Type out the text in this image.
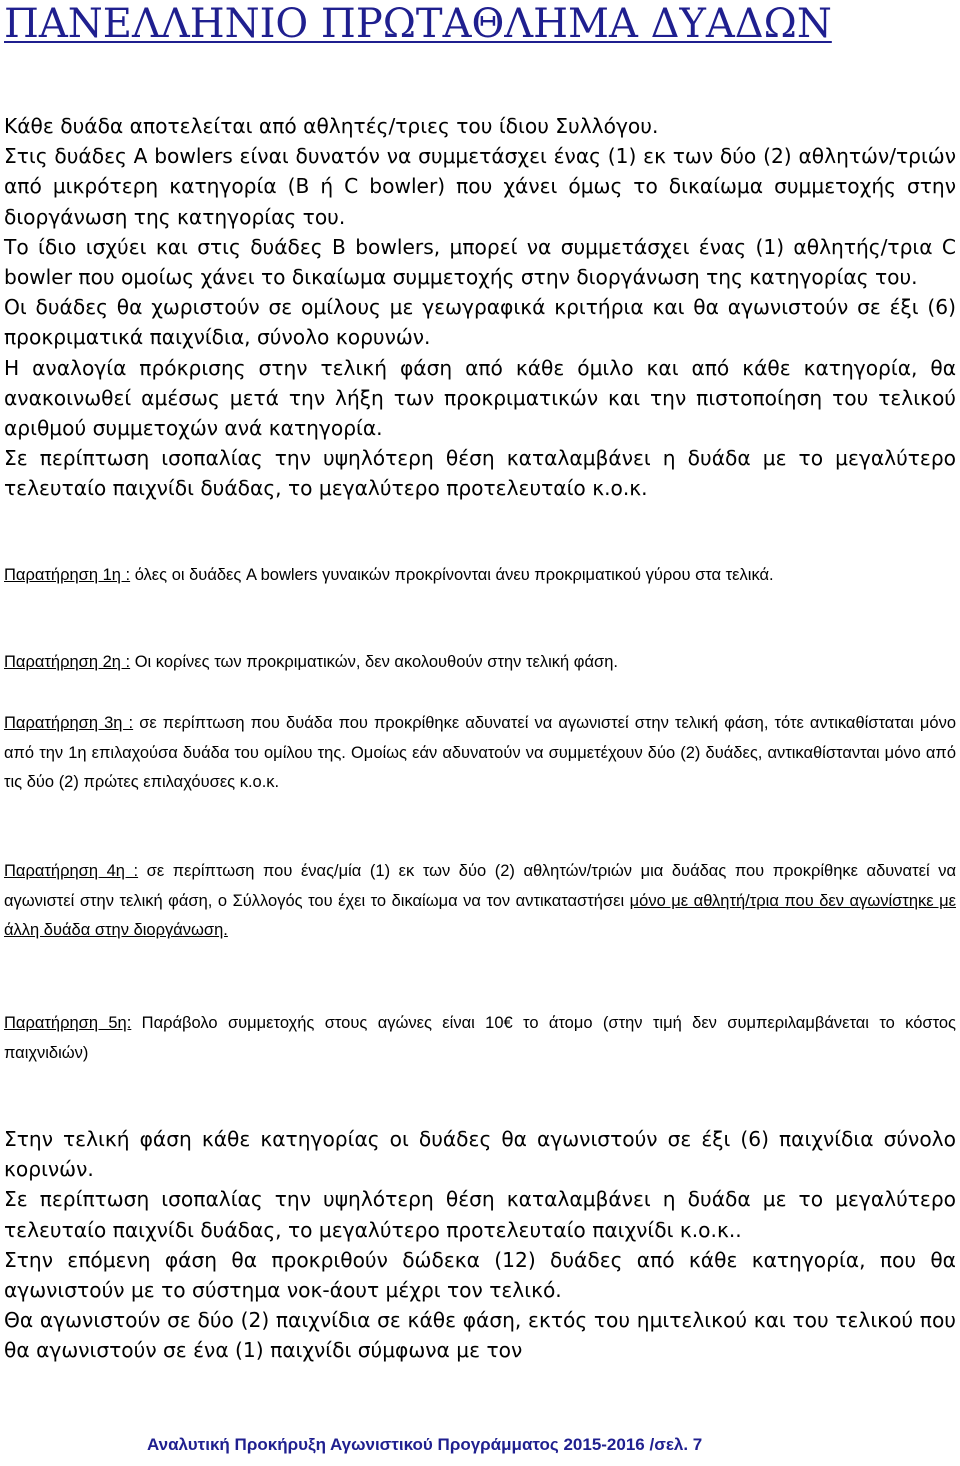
ΠΑΝΕΛΛΗΝΙΟ ΠΡΩΤΑΘΛΗΜΑ ΔΥΑΔΩΝ

Κάθε δυάδα αποτελείται από αθλητές/τριες του ίδιου Συλλόγου.

Στις δυάδες A bowlers είναι δυνατόν να συμμετάσχει ένας (1) εκ των δύο (2) αθλητών/τριών από μικρότερη κατηγορία (B ή C bowler) που χάνει όμως το δικαίωμα συμμετοχής στην διοργάνωση της κατηγορίας του.

Το ίδιο ισχύει και στις δυάδες B bowlers, μπορεί να συμμετάσχει ένας (1) αθλητής/τρια C bowler που ομοίως χάνει το δικαίωμα συμμετοχής στην διοργάνωση της κατηγορίας του.

Οι δυάδες θα χωριστούν σε ομίλους με γεωγραφικά κριτήρια και θα αγωνιστούν σε έξι (6) προκριματικά παιχνίδια, σύνολο κορυνών.

Η αναλογία πρόκρισης στην τελική φάση από κάθε όμιλο και από κάθε κατηγορία, θα ανακοινωθεί αμέσως μετά την λήξη των προκριματικών και την πιστοποίηση του τελικού αριθμού συμμετοχών ανά κατηγορία.

Σε περίπτωση ισοπαλίας την υψηλότερη θέση καταλαμβάνει η δυάδα με το μεγαλύτερο τελευταίο παιχνίδι δυάδας, το μεγαλύτερο προτελευταίο κ.ο.κ.

Παρατήρηση 1η : όλες οι δυάδες A bowlers γυναικών προκρίνονται άνευ προκριματικού γύρου στα τελικά.

Παρατήρηση 2η : Οι κορίνες των προκριματικών, δεν ακολουθούν στην τελική φάση.

Παρατήρηση 3η : σε περίπτωση που δυάδα που προκρίθηκε αδυνατεί να αγωνιστεί στην τελική φάση, τότε αντικαθίσταται μόνο από την 1η επιλαχούσα δυάδα του ομίλου της. Ομοίως εάν αδυνατούν να συμμετέχουν δύο (2) δυάδες, αντικαθίστανται μόνο από τις δύο (2) πρώτες επιλαχόυσες κ.ο.κ.

Παρατήρηση 4η : σε περίπτωση που ένας/μία (1) εκ των δύο (2) αθλητών/τριών μια δυάδας που προκρίθηκε αδυνατεί να αγωνιστεί στην τελική φάση, ο Σύλλογός του έχει το δικαίωμα να τον αντικαταστήσει μόνο με αθλητή/τρια που δεν αγωνίστηκε με άλλη δυάδα στην διοργάνωση.

Παρατήρηση 5η: Παράβολο συμμετοχής στους αγώνες είναι 10€ το άτομο (στην τιμή δεν συμπεριλαμβάνεται το κόστος παιχνιδιών)

Στην τελική φάση κάθε κατηγορίας οι δυάδες θα αγωνιστούν σε έξι (6) παιχνίδια σύνολο κορινών.

Σε περίπτωση ισοπαλίας την υψηλότερη θέση καταλαμβάνει η δυάδα με το μεγαλύτερο τελευταίο παιχνίδι δυάδας, το μεγαλύτερο προτελευταίο παιχνίδι κ.ο.κ..

Στην επόμενη φάση θα προκριθούν δώδεκα (12) δυάδες από κάθε κατηγορία, που θα αγωνιστούν με το σύστημα νοκ-άουτ μέχρι τον τελικό.

Θα αγωνιστούν σε δύο (2) παιχνίδια σε κάθε φάση, εκτός του ημιτελικού και του τελικού που θα αγωνιστούν σε ένα (1) παιχνίδι σύμφωνα με τον

Αναλυτική Προκήρυξη Αγωνιστικού Προγράμματος 2015-2016 /σελ. 7
